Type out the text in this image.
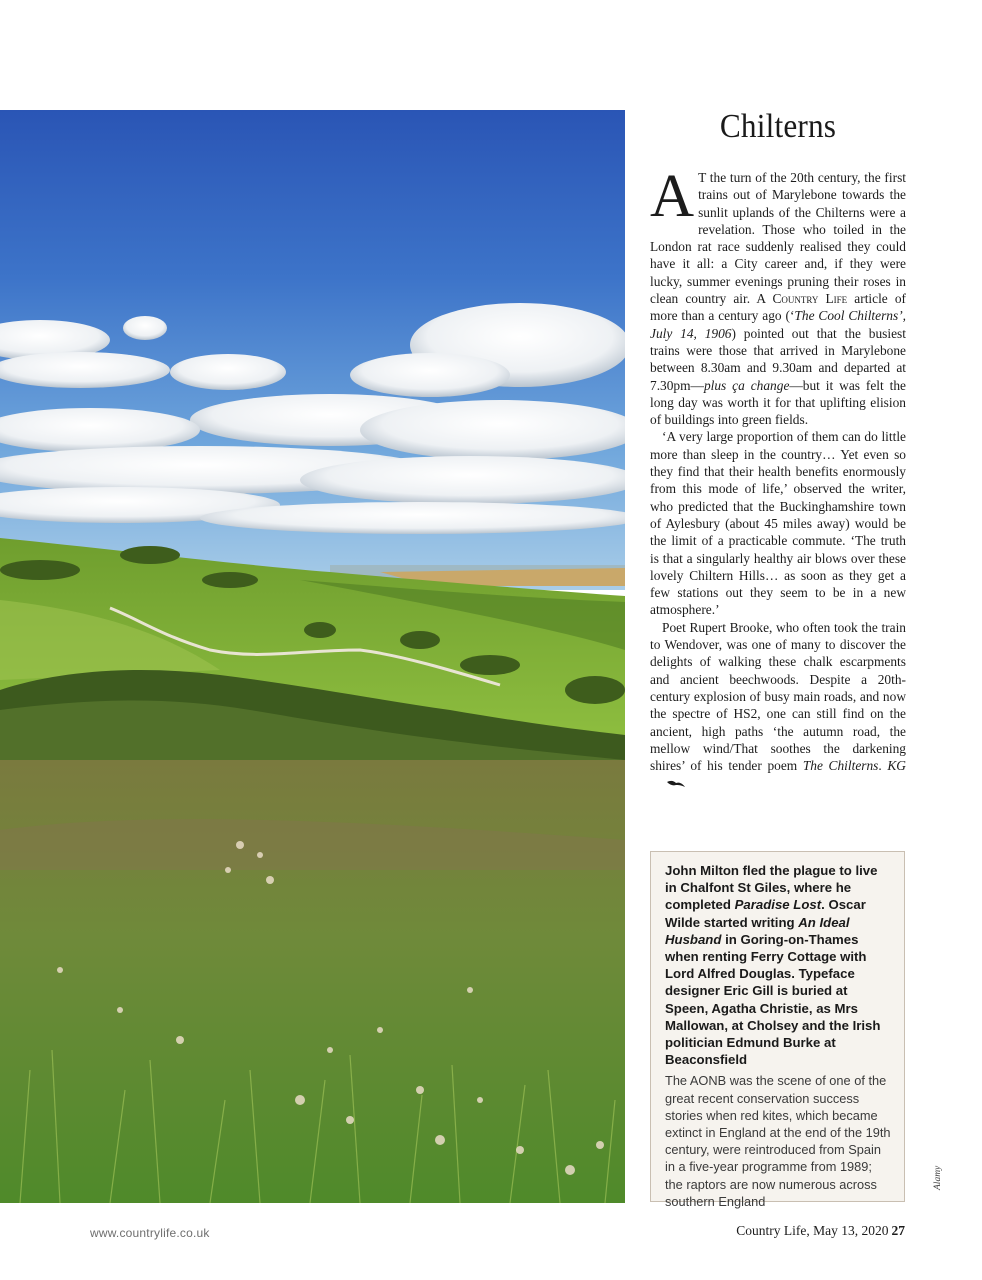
Chilterns

A T the turn of the 20th century, the first trains out of Marylebone towards the sunlit uplands of the Chilterns were a revelation. Those who toiled in the London rat race suddenly realised they could have it all: a City career and, if they were lucky, summer evenings pruning their roses in clean country air. A Country Life article of more than a century ago (‘The Cool Chilterns’, July 14, 1906) pointed out that the busiest trains were those that arrived in Marylebone between 8.30am and 9.30am and departed at 7.30pm—plus ça change—but it was felt the long day was worth it for that uplifting elision of buildings into green fields.

‘A very large proportion of them can do little more than sleep in the country… Yet even so they find that their health benefits enormously from this mode of life,’ observed the writer, who predicted that the Buckinghamshire town of Aylesbury (about 45 miles away) would be the limit of a practicable commute. ‘The truth is that a singularly healthy air blows over these lovely Chiltern Hills… as soon as they get a few stations out they seem to be in a new atmosphere.’

Poet Rupert Brooke, who often took the train to Wendover, was one of many to discover the delights of walking these chalk escarpments and ancient beechwoods. Despite a 20th-century explosion of busy main roads, and now the spectre of HS2, one can still find on the ancient, high paths ‘the autumn road, the mellow wind/That soothes the darkening shires’ of his tender poem The Chilterns. KG

John Milton fled the plague to live in Chalfont St Giles, where he completed Paradise Lost. Oscar Wilde started writing An Ideal Husband in Goring-on-Thames when renting Ferry Cottage with Lord Alfred Douglas. Typeface designer Eric Gill is buried at Speen, Agatha Christie, as Mrs Mallowan, at Cholsey and the Irish politician Edmund Burke at Beaconsfield

The AONB was the scene of one of the great recent conservation success stories when red kites, which became extinct in England at the end of the 19th century, were reintroduced from Spain in a five-year programme from 1989; the raptors are now numerous across southern England

Alamy
www.countrylife.co.uk	Country Life, May 13, 2020 27
